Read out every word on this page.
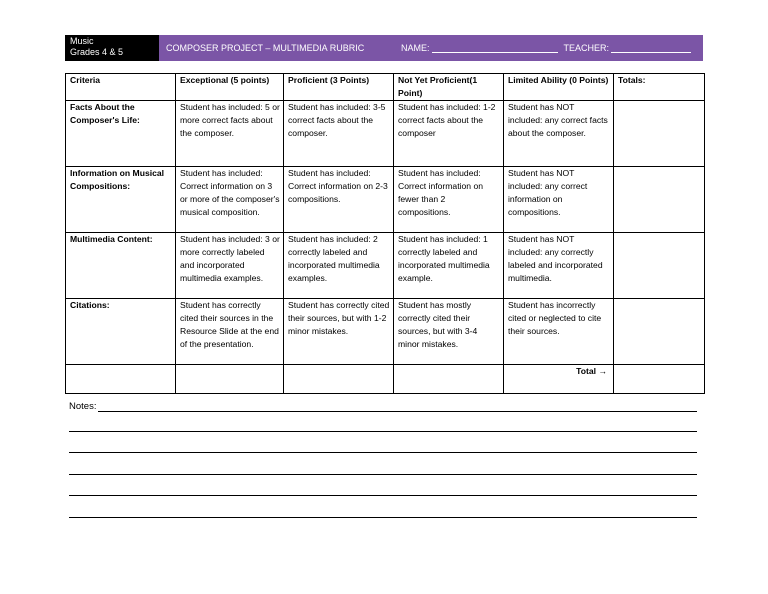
Music
Grades 4 & 5	COMPOSER PROJECT – MULTIMEDIA RUBRIC	NAME:	TEACHER:
Criteria	Exceptional (5 points)	Proficient (3 Points)	Not Yet Proficient(1 Point)	Limited Ability (0 Points)	Totals:
Facts About the Composer's Life:	Student has included: 5 or more correct facts about the composer.	Student has included: 3-5 correct facts about the composer.	Student has included: 1-2 correct facts about the composer	Student has NOT included: any correct facts about the composer.	
Information on Musical Compositions:	Student has included: Correct information on 3 or more of the composer's musical composition.	Student has included: Correct information on 2-3 compositions.	Student has included: Correct information on fewer than 2 compositions.	Student has NOT included: any correct information on compositions.	
Multimedia Content:	Student has included: 3 or more correctly labeled and incorporated multimedia examples.	Student has included: 2 correctly labeled and incorporated multimedia examples.	Student has included: 1 correctly labeled and incorporated multimedia example.	Student has NOT included: any correctly labeled and incorporated multimedia.	
Citations:	Student has correctly cited their sources in the Resource Slide at the end of the presentation.	Student has correctly cited their sources, but with 1-2 minor mistakes.	Student has mostly correctly cited their sources, but with 3-4 minor mistakes.	Student has incorrectly cited or neglected to cite their sources.	
				Total →	
Notes:
